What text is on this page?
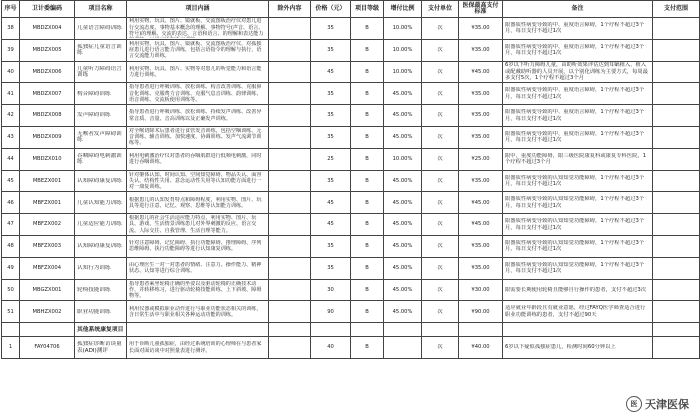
序号	卫计委编码	项目名称	项目内涵	除外内容	价格（元）	项目等级	增付比例	支付单位	医保最高支付标准	备注	支付范围

38	MBDZX004	儿童语言障碍训练	利用实物、玩具、图片、镜就板、交流图板治疗仪对患儿进行交流态度、事物基本概念的理解、事物符号(声音、语言、符号)的理解、交流的表达、言语和语言、的理解和表达能力		35	B	10.00%	次	¥35.00	限器质性病变导致的中、重度语言障碍，1个疗程不超过3个月，每日支付不超过1次	

39	MBDZX005	孤独症儿童语言训练	利用实物、玩具、图片、镜就板、交流图板治疗仪，对孤独症患儿进行语言能力训练，包括言语指令的理解与执行，语言交流能力训练。		35	B	10.00%	次	¥35.00	限器质性病变导致的中、重度语言障碍，1个疗程不超过3个月，每日支付不超过1次	

40	MBDZX006	儿童听力障碍语言训练	利用实物、玩具、图片、实物等对患儿的听觉能力和语言能力进行训练。		45	B	10.00%	次	¥45.00	6岁以下听力障碍儿童，由助听效果评估达到耳蜗植入、植入或配戴助听器的人员开展，以个别化训练为主要方式，每周最多支付5次，1个疗程不超过3个月	

41	MBDZX007	构音障碍训练	指导患者进行呼吸训练、放松训练、构音改善训练、克服鼻音化训练、克服费力音训练、克服气息音训练、韵律训练、语音训练、交流板使用训练等。		35	B	45.00%	次	¥35.00	限器质性病变导致的中、重度语言障碍，1个疗程不超过3个月，每日支付不超过1次	

42	MBDZX008	发声障碍训练	指导患者进行呼吸训练、放松训练、持续发声训练、改善异常音质、音量、音高训练以及正确发声训练。		35	B	45.00%	次	¥35.00	限器质性病变导致的中、重度语言障碍，1个疗程不超过3个月，每日支付不超过1次	

43	MBDZX009	无喉者发声障碍训练	对全喉切除术后患者进行食管发音训练，包括空咽训练、元音训练、辅音训练、加快速度、协调训练、发声气流调节训练等。		35	B	45.00%	次	¥35.00	限器质性病变导致的中、重度语言障碍，1个疗程不超过3个月，每日支付不超过1次	

44	MBDZX010	吞咽障碍电刺激训练	利用电刺激治疗仪对患者的吞咽肌群进行低频电刺激，同时进行吞咽训练。		25	B	10.00%	次	¥25.00	限中、重度功能障碍，限三级医院康复科或康复专科医院，1个疗程不超过3个月	

45	MBEZX001	认知障碍康复训练	针对躯体认知、时间认知、空间知觉障碍、物品失认、面容失认、结构性失用、意念运动性失用等认知功能方面进行一对一康复训练。		35	B	45.00%	次	¥35.00	限器质性病变导致的认知知觉功能障碍，1个疗程不超过3个月，每日支付不超过1次	

46	MBFZX001	儿童认知能力训练	根据患儿的认知发育特点和障碍程度，利用实物、图片、玩具等进行注意、记忆、观察、思维等认知能力训练。		45	B	45.00%	次	¥45.00	限器质性病变导致的认知知觉功能障碍，1个疗程不超过3个月，每日支付不超过1次	

47	MBFZX002	儿童适应能力训练	根据患儿的社会生活适应能力特点，利用实物、图片、玩具、游戏，生活情景训练患儿对外界刺激的反应、语言交流、人际交往、自我管理、生活自理等能力。		45	B	45.00%	次	¥45.00	限器质性病变导致的认知知觉功能障碍，1个疗程不超过3个月，每日支付不超过1次	

48	MBFZX003	认知障碍康复训练	针对注意障碍、记忆障碍、执行功能障碍、推理障碍、序列思维障碍、执行功能障碍等进行认知康复训练。		35	B	45.00%	次	¥35.00	限器质性病变导致的认知知觉功能障碍，1个疗程不超过3个月，每日支付不超过1次	

49	MBFZX004	认知行为训练	由心理医生一对一对患者的情绪、注意力、操作能力、精神状态、认知等进行综合训练。		35	B	45.00%	次	¥35.00	限器质性病变导致的认知知觉功能障碍，1个疗程不超过3个月，每日支付不超过1次	

50	MBGZX001	轮椅技能训练	指导患者乘坐轮椅正确的坐姿以及驱动轮椅的正确技术动作，并转移练习，进行驱动轮椅技能训练、上下斜坡、障碍物等。		30	B	45.00%	次	¥30.00	限需要长期使用轮椅且能够自行操作的患者，支付不超过3次	

51	MBHZX002	职业功能训练	利用仪器或模拟职业动作进行与职业功能状态相关的训练，含日常生活中与职业相关各种运动功能的训练。		90	B	45.00%	次	¥90.00	适应就业年龄段且有就业意愿，经过FAYQ医学筛查适合进行职业功能训练的患者，支付不超过90天	

		其他系统康复项目									

1	FAY04706	孤独症诊断访谈量表(ADI)测评	用于诊断儿童孤独症，由经过系统培训的心理师在与患者家长面对面访谈中对照量表进行测评。		40	B		次	¥40.00	6岁以下疑似孤独症患儿，检测时间60分钟以上	

医 天津医保
